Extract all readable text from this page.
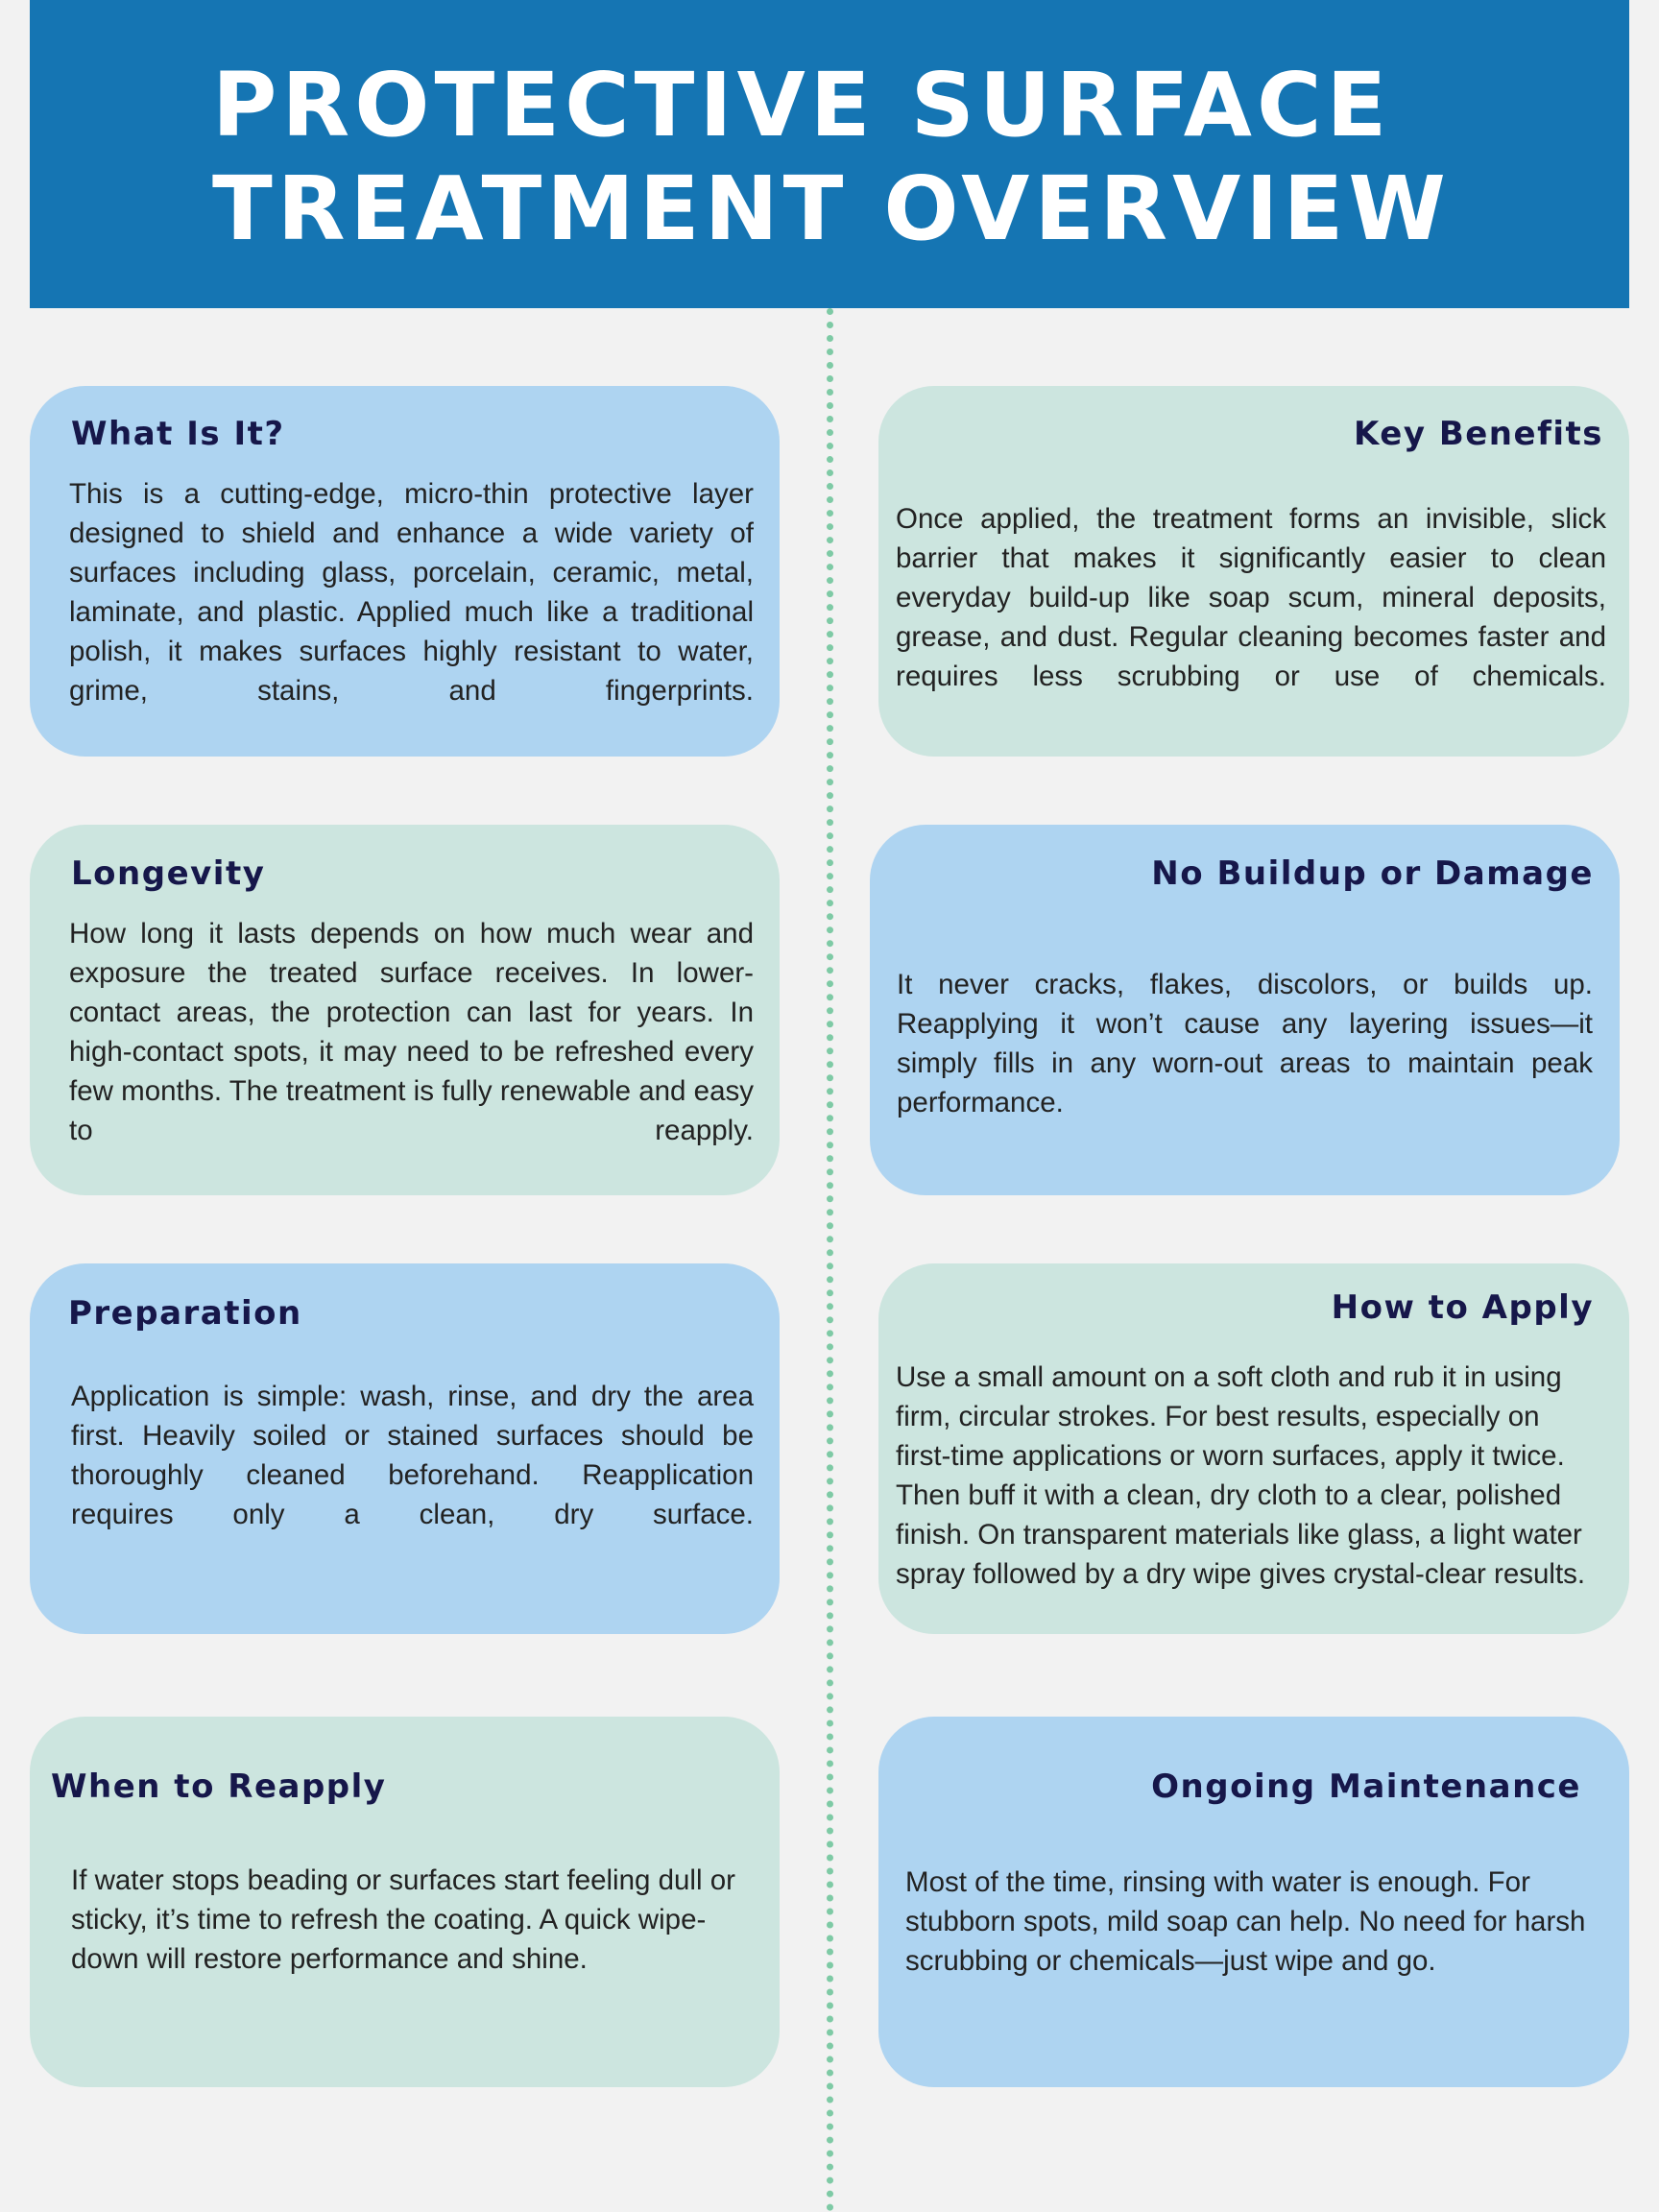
PROTECTIVE SURFACE
TREATMENT OVERVIEW
What Is It?

This is a cutting-edge, micro-thin protective layer designed to shield and enhance a wide variety of surfaces including glass, porcelain, ceramic, metal, laminate, and plastic. Applied much like a traditional polish, it makes surfaces highly resistant to water, grime, stains, and fingerprints.

Key Benefits

Once applied, the treatment forms an invisible, slick barrier that makes it significantly easier to clean everyday build-up like soap scum, mineral deposits, grease, and dust. Regular cleaning becomes faster and requires less scrubbing or use of chemicals.

Longevity

How long it lasts depends on how much wear and exposure the treated surface receives. In lower-contact areas, the protection can last for years. In high-contact spots, it may need to be refreshed every few months. The treatment is fully renewable and easy to reapply.

No Buildup or Damage

It never cracks, flakes, discolors, or builds up. Reapplying it won’t cause any layering issues—it simply fills in any worn-out areas to maintain peak performance.

Preparation

Application is simple: wash, rinse, and dry the area first. Heavily soiled or stained surfaces should be thoroughly cleaned beforehand. Reapplication requires only a clean, dry surface.

How to Apply

Use a small amount on a soft cloth and rub it in using firm, circular strokes. For best results, especially on first-time applications or worn surfaces, apply it twice. Then buff it with a clean, dry cloth to a clear, polished finish. On transparent materials like glass, a light water spray followed by a dry wipe gives crystal-clear results.

When to Reapply

If water stops beading or surfaces start feeling dull or sticky, it’s time to refresh the coating. A quick wipe-down will restore performance and shine.

Ongoing Maintenance

Most of the time, rinsing with water is enough. For stubborn spots, mild soap can help. No need for harsh scrubbing or chemicals—just wipe and go.
